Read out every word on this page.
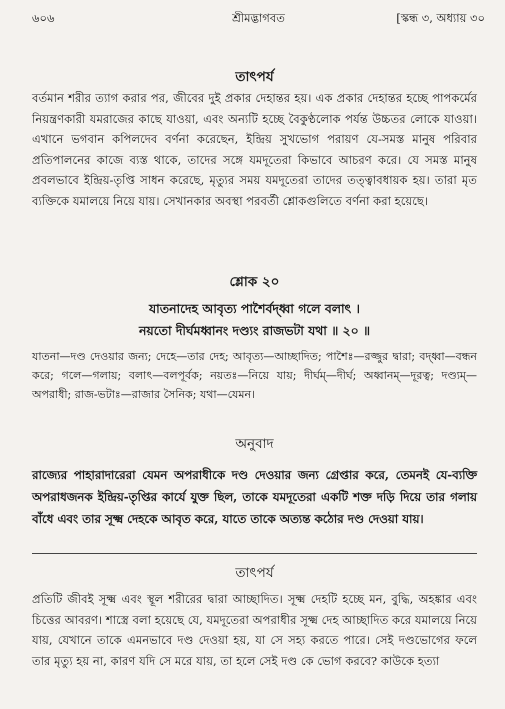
৬০৬	শ্রীমদ্ভাগবত	[স্কন্ধ ৩, অধ্যায় ৩০

তাৎপর্য

বর্তমান শরীর ত্যাগ করার পর, জীবের দুই প্রকার দেহান্তর হয়। এক প্রকার দেহান্তর হচ্ছে পাপকর্মের নিয়ন্ত্রণকারী যমরাজের কাছে যাওয়া, এবং অন্যটি হচ্ছে বৈকুণ্ঠলোক পর্যন্ত উচ্চতর লোকে যাওয়া। এখানে ভগবান কপিলদেব বর্ণনা করেছেন, ইন্দ্রিয় সুখভোগ পরায়ণ যে-সমস্ত মানুষ পরিবার প্রতিপালনের কাজে ব্যস্ত থাকে, তাদের সঙ্গে যমদূতেরা কিভাবে আচরণ করে। যে সমস্ত মানুষ প্রবলভাবে ইন্দ্রিয়-তৃপ্তি সাধন করেছে, মৃত্যুর সময় যমদূতেরা তাদের তত্ত্বাবধায়ক হয়। তারা মৃত ব্যক্তিকে যমালয়ে নিয়ে যায়। সেখানকার অবস্থা পরবর্তী শ্লোকগুলিতে বর্ণনা করা হয়েছে।

শ্লোক ২০

যাতনাদেহ আবৃত্য পাশৈর্বদ্ধ্বা গলে বলাৎ ।

নয়তো দীর্ঘমধ্বানং দণ্ড্যং রাজভটা যথা ॥ ২০ ॥

যাতনা—দণ্ড দেওয়ার জন্য; দেহে—তার দেহ; আবৃত্য—আচ্ছাদিত; পাশৈঃ—রজ্জুর দ্বারা; বদ্ধ্বা—বন্ধন করে; গলে—গলায়; বলাৎ—বলপূর্বক; নয়তঃ—নিয়ে যায়; দীর্ঘম্—দীর্ঘ; অধ্বানম্—দূরত্ব; দণ্ড্যম্—অপরাধী; রাজ-ভটাঃ—রাজার সৈনিক; যথা—যেমন।

অনুবাদ

রাজ্যের পাহারাদারেরা যেমন অপরাধীকে দণ্ড দেওয়ার জন্য গ্রেপ্তার করে, তেমনই যে-ব্যক্তি অপরাধজনক ইন্দ্রিয়-তৃপ্তির কার্যে যুক্ত ছিল, তাকে যমদূতেরা একটি শক্ত দড়ি দিয়ে তার গলায় বাঁধে এবং তার সূক্ষ্ম দেহকে আবৃত করে, যাতে তাকে অত্যন্ত কঠোর দণ্ড দেওয়া যায়।

তাৎপর্য

প্রতিটি জীবই সূক্ষ্ম এবং স্থূল শরীরের দ্বারা আচ্ছাদিত। সূক্ষ্ম দেহটি হচ্ছে মন, বুদ্ধি, অহঙ্কার এবং চিত্তের আবরণ। শাস্ত্রে বলা হয়েছে যে, যমদূতেরা অপরাধীর সূক্ষ্ম দেহ আচ্ছাদিত করে যমালয়ে নিয়ে যায়, যেখানে তাকে এমনভাবে দণ্ড দেওয়া হয়, যা সে সহ্য করতে পারে। সেই দণ্ডভোগের ফলে তার মৃত্যু হয় না, কারণ যদি সে মরে যায়, তা হলে সেই দণ্ড কে ভোগ করবে? কাউকে হত্যা
